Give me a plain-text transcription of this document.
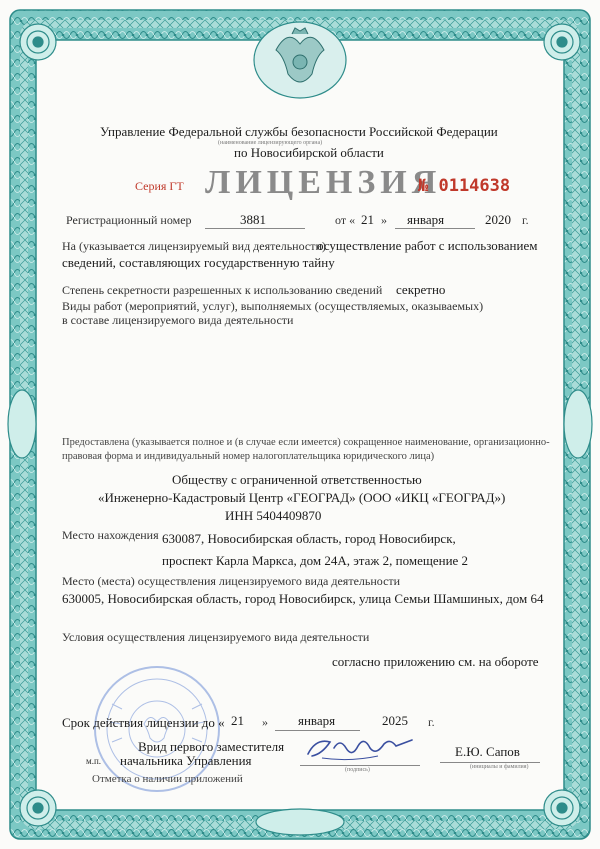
Управление Федеральной службы безопасности Российской Федерации
(наименование лицензирующего органа)
по Новосибирской области
Серия ГТ ЛИЦЕНЗИЯ
№ 0114638
Регистрационный номер	3881	от « 21 » января	2020 г.
На (указывается лицензируемый вид деятельности)
осуществление работ с использованием
сведений, составляющих государственную тайну
Степень секретности разрешенных к использованию сведений секретно
Виды работ (мероприятий, услуг), выполняемых (осуществляемых, оказываемых)
в составе лицензируемого вида деятельности
Предоставлена (указывается полное и (в случае если имеется) сокращенное наименование, организационно-
правовая форма и индивидуальный номер налогоплательщика юридического лица)
Обществу с ограниченной ответственностью
«Инженерно-Кадастровый Центр «ГЕОГРАД» (ООО «ИКЦ «ГЕОГРАД»)
ИНН 5404409870
Место нахождения 630087, Новосибирская область, город Новосибирск,
проспект Карла Маркса, дом 24А, этаж 2, помещение 2
Место (места) осуществления лицензируемого вида деятельности
630005, Новосибирская область, город Новосибирск, улица Семьи Шамшиных, дом 64
Условия осуществления лицензируемого вида деятельности
согласно приложению см. на обороте
Срок действия лицензии до « 21 » января	2025 г.
Врид первого заместителя
м.п. начальника Управления
(подпись)
Е.Ю. Сапов
(инициалы и фамилия)
Отметка о наличии приложений
